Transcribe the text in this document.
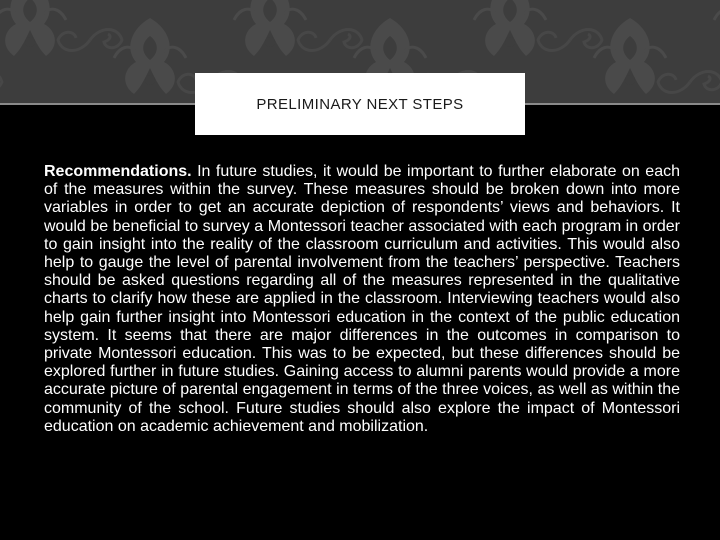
PRELIMINARY NEXT STEPS

Recommendations. In future studies, it would be important to further elaborate on each of the measures within the survey. These measures should be broken down into more variables in order to get an accurate depiction of respondents’ views and behaviors. It would be beneficial to survey a Montessori teacher associated with each program in order to gain insight into the reality of the classroom curriculum and activities. This would also help to gauge the level of parental involvement from the teachers’ perspective. Teachers should be asked questions regarding all of the measures represented in the qualitative charts to clarify how these are applied in the classroom. Interviewing teachers would also help gain further insight into Montessori education in the context of the public education system. It seems that there are major differences in the outcomes in comparison to private Montessori education. This was to be expected, but these differences should be explored further in future studies. Gaining access to alumni parents would provide a more accurate picture of parental engagement in terms of the three voices, as well as within the community of the school. Future studies should also explore the impact of Montessori education on academic achievement and mobilization.
